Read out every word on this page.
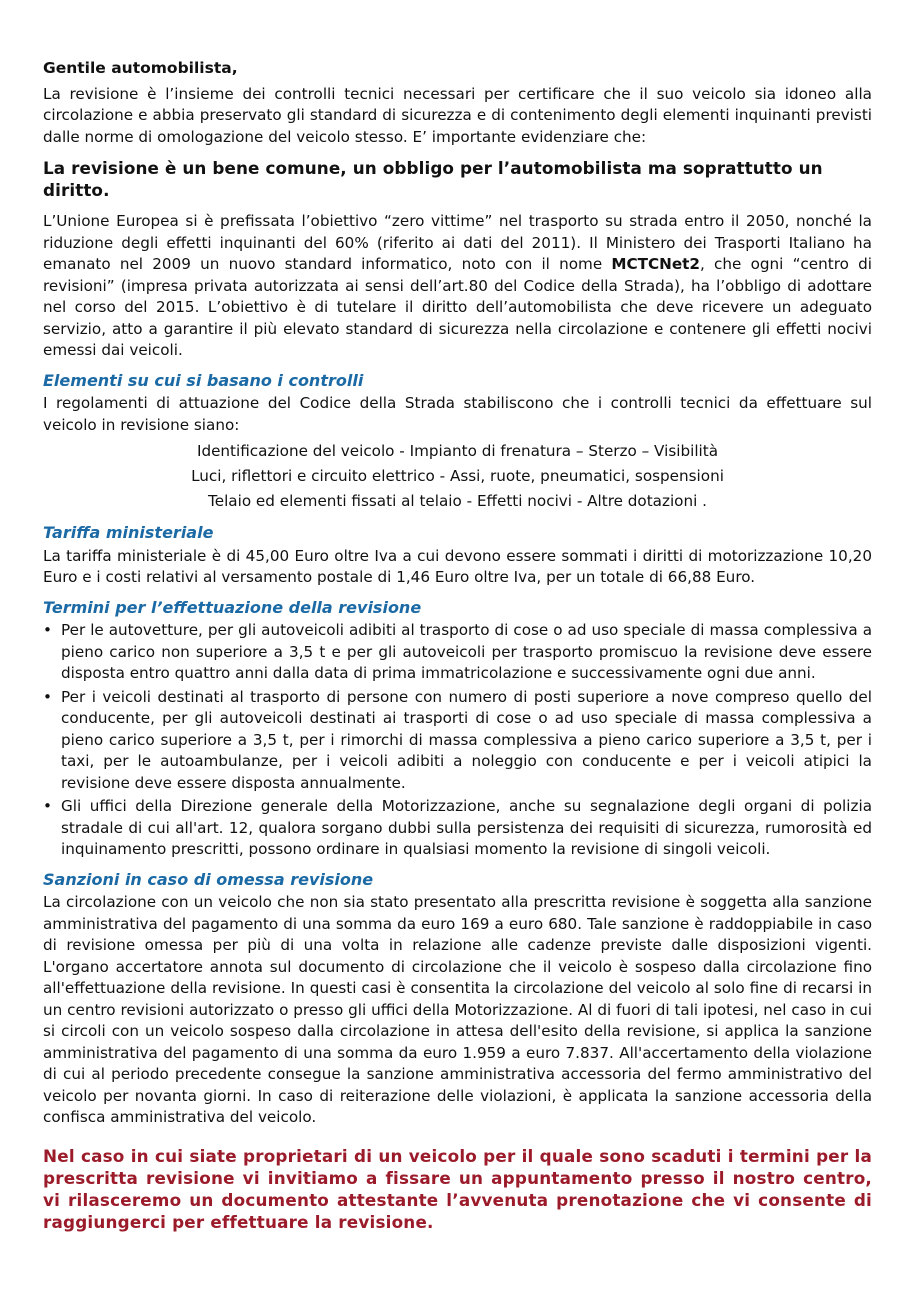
Gentile automobilista,

La revisione è l’insieme dei controlli tecnici necessari per certificare che il suo veicolo sia idoneo alla circolazione e abbia preservato gli standard di sicurezza e di contenimento degli elementi inquinanti previsti dalle norme di omologazione del veicolo stesso. E’ importante evidenziare che:

La revisione è un bene comune, un obbligo per l’automobilista ma soprattutto un diritto.

L’Unione Europea si è prefissata l’obiettivo “zero vittime” nel trasporto su strada entro il 2050, nonché la riduzione degli effetti inquinanti del 60% (riferito ai dati del 2011). Il Ministero dei Trasporti Italiano ha emanato nel 2009 un nuovo standard informatico, noto con il nome MCTCNet2, che ogni “centro di revisioni” (impresa privata autorizzata ai sensi dell’art.80 del Codice della Strada), ha l’obbligo di adottare nel corso del 2015. L’obiettivo è di tutelare il diritto dell’automobilista che deve ricevere un adeguato servizio, atto a garantire il più elevato standard di sicurezza nella circolazione e contenere gli effetti nocivi emessi dai veicoli.

Elementi su cui si basano i controlli

I regolamenti di attuazione del Codice della Strada stabiliscono che i controlli tecnici da effettuare sul veicolo in revisione siano:

Identificazione del veicolo - Impianto di frenatura – Sterzo – Visibilità

Luci, riflettori e circuito elettrico - Assi, ruote, pneumatici, sospensioni

Telaio ed elementi fissati al telaio - Effetti nocivi - Altre dotazioni .

Tariffa ministeriale

La tariffa ministeriale è di 45,00 Euro oltre Iva a cui devono essere sommati i diritti di motorizzazione 10,20 Euro e i costi relativi al versamento postale di 1,46 Euro oltre Iva, per un totale di 66,88 Euro.

Termini per l’effettuazione della revisione

• Per le autovetture, per gli autoveicoli adibiti al trasporto di cose o ad uso speciale di massa complessiva a pieno carico non superiore a 3,5 t e per gli autoveicoli per trasporto promiscuo la revisione deve essere disposta entro quattro anni dalla data di prima immatricolazione e successivamente ogni due anni.
• Per i veicoli destinati al trasporto di persone con numero di posti superiore a nove compreso quello del conducente, per gli autoveicoli destinati ai trasporti di cose o ad uso speciale di massa complessiva a pieno carico superiore a 3,5 t, per i rimorchi di massa complessiva a pieno carico superiore a 3,5 t, per i taxi, per le autoambulanze, per i veicoli adibiti a noleggio con conducente e per i veicoli atipici la revisione deve essere disposta annualmente.
• Gli uffici della Direzione generale della Motorizzazione, anche su segnalazione degli organi di polizia stradale di cui all'art. 12, qualora sorgano dubbi sulla persistenza dei requisiti di sicurezza, rumorosità ed inquinamento prescritti, possono ordinare in qualsiasi momento la revisione di singoli veicoli.

Sanzioni in caso di omessa revisione

La circolazione con un veicolo che non sia stato presentato alla prescritta revisione è soggetta alla sanzione amministrativa del pagamento di una somma da euro 169 a euro 680. Tale sanzione è raddoppiabile in caso di revisione omessa per più di una volta in relazione alle cadenze previste dalle disposizioni vigenti. L'organo accertatore annota sul documento di circolazione che il veicolo è sospeso dalla circolazione fino all'effettuazione della revisione. In questi casi è consentita la circolazione del veicolo al solo fine di recarsi in un centro revisioni autorizzato o presso gli uffici della Motorizzazione. Al di fuori di tali ipotesi, nel caso in cui si circoli con un veicolo sospeso dalla circolazione in attesa dell'esito della revisione, si applica la sanzione amministrativa del pagamento di una somma da euro 1.959 a euro 7.837. All'accertamento della violazione di cui al periodo precedente consegue la sanzione amministrativa accessoria del fermo amministrativo del veicolo per novanta giorni. In caso di reiterazione delle violazioni, è applicata la sanzione accessoria della confisca amministrativa del veicolo.

Nel caso in cui siate proprietari di un veicolo per il quale sono scaduti i termini per la prescritta revisione vi invitiamo a fissare un appuntamento presso il nostro centro, vi rilasceremo un documento attestante l’avvenuta prenotazione che vi consente di raggiungerci per effettuare la revisione.
